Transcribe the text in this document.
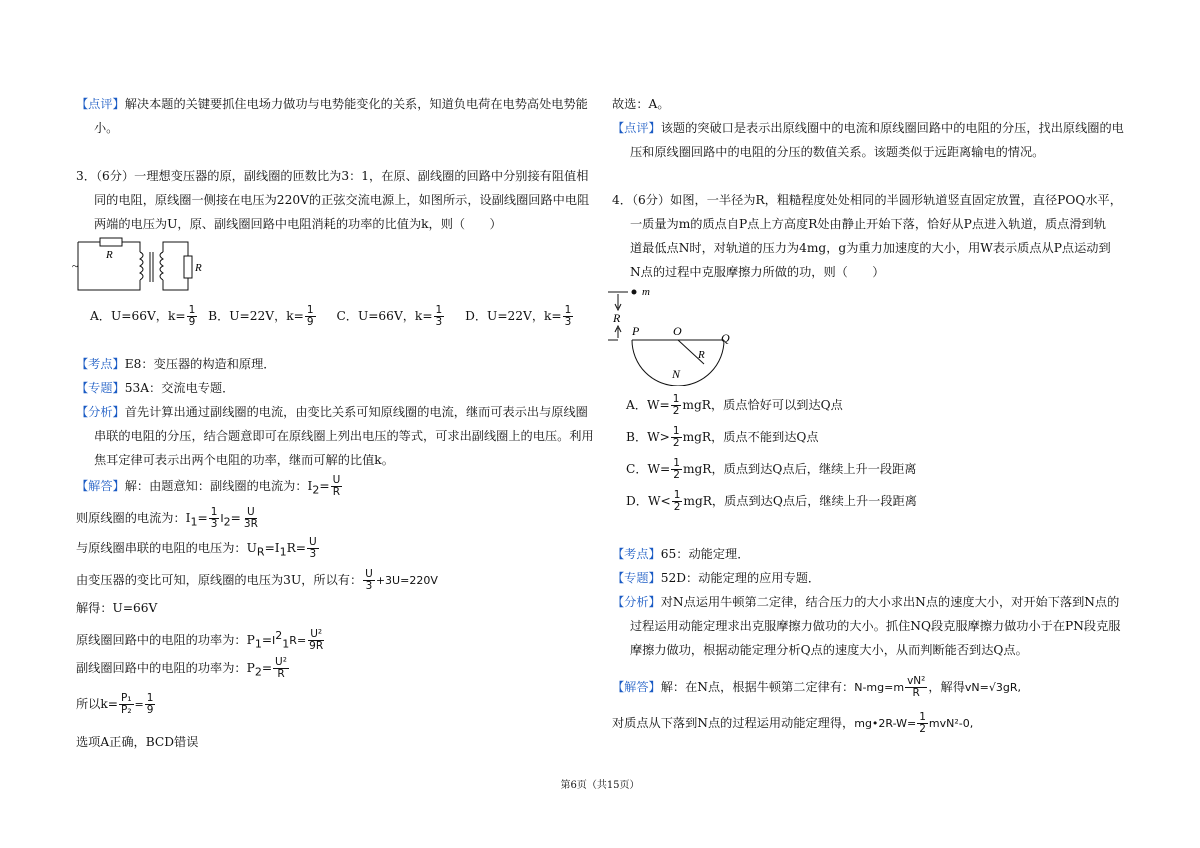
【点评】解决本题的关键要抓住电场力做功与电势能变化的关系，知道负电荷在电势高处电势能
小。
3．（6分）一理想变压器的原，副线圈的匝数比为3：1，在原、副线圈的回路中分别接有阻值相
同的电阻，原线圈一侧接在电压为220V的正弦交流电源上，如图所示，设副线圈回路中电阻
两端的电压为U，原、副线圈回路中电阻消耗的功率的比值为k，则（　　）
~
R
R
A．U=66V，$k= \frac{1}{9}$ B．U=22V，$k= \frac{1}{9}$ C．U=66V，$k= \frac{1}{3}$ D．U=22V，$k= \frac{1}{3}$
【考点】E8：变压器的构造和原理．
【专题】53A：交流电专题．
【分析】首先计算出通过副线圈的电流，由变比关系可知原线圈的电流，继而可表示出与原线圈
串联的电阻的分压，结合题意即可在原线圈上列出电压的等式，可求出副线圈上的电压。利用
焦耳定律可表示出两个电阻的功率，继而可解的比值k。
【解答】解：由题意知：副线圈的电流为：$I_2= \frac{U}{R}$
则原线圈的电流为：$I_1= \frac{1}{3} I_2= \frac{U}{3R}$
与原线圈串联的电阻的电压为：$U_R=I_1R= \frac{U}{3}$
由变压器的变比可知，原线圈的电压为3U，所以有： $\frac{U}{3} +3U=220V$
解得：U=66V
原线圈回路中的电阻的功率为：$P_1=I^2_1R= \frac{\text{U²}}{9R}$
副线圈回路中的电阻的功率为：$P_2= \frac{\text{U²}}{R}$
所以$k= \frac{\text{P₁}}{\text{P₂}} = \frac{1}{9}$
选项A正确，BCD错误
故选：A。
【点评】该题的突破口是表示出原线圈中的电流和原线圈回路中的电阻的分压，找出原线圈的电
压和原线圈回路中的电阻的分压的数值关系。该题类似于远距离输电的情况。
4．（6分）如图，一半径为R，粗糙程度处处相同的半圆形轨道竖直固定放置，直径POQ水平，
一质量为m的质点自P点上方高度R处由静止开始下落，恰好从P点进入轨道，质点滑到轨
道最低点N时，对轨道的压力为4mg，g为重力加速度的大小，用W表示质点从P点运动到
N点的过程中克服摩擦力所做的功，则（　　）
m
R
P	O	Q
R
N
A．$W= \frac{1}{2}$ mgR，质点恰好可以到达Q点
B．$W> \frac{1}{2}$ mgR，质点不能到达Q点
C．$W= \frac{1}{2}$ mgR，质点到达Q点后，继续上升一段距离
D．$W< \frac{1}{2}$ mgR，质点到达Q点后，继续上升一段距离
【考点】65：动能定理．
【专题】52D：动能定理的应用专题．
【分析】对N点运用牛顿第二定律，结合压力的大小求出N点的速度大小，对开始下落到N点的
过程运用动能定理求出克服摩擦力做功的大小。抓住NQ段克服摩擦力做功小于在PN段克服
摩擦力做功，根据动能定理分析Q点的速度大小，从而判断能否到达Q点。
【解答】解：在N点，根据牛顿第二定律有：$N-mg=m \frac{\text{vN²}}{R}$ ，解得vN=√3gR,
对质点从下落到N点的过程运用动能定理得，mg•2R-W= $\frac{1}{2} mvN^2-0$,
第6页（共15页）
